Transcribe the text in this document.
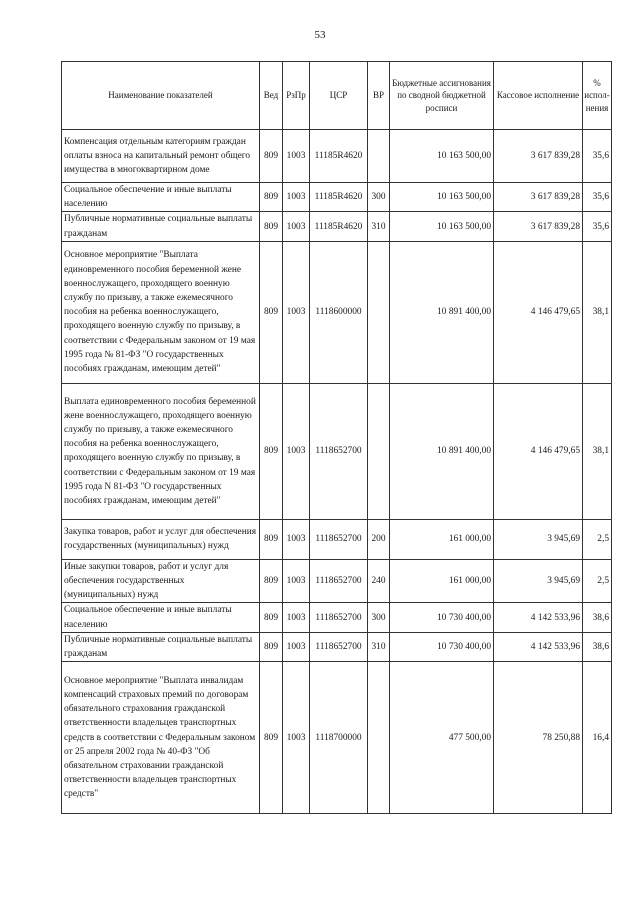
53
Наименование показателей	Вед	РзПр	ЦСР	ВР	Бюджетные ассигнования по сводной бюджетной росписи	Кассовое исполнение	% испол-нения
Компенсация отдельным категориям граждан оплаты взноса на капитальный ремонт общего имущества в многоквартирном доме	809	1003	11185R4620		10 163 500,00	3 617 839,28	35,6
Социальное обеспечение и иные выплаты населению	809	1003	11185R4620	300	10 163 500,00	3 617 839,28	35,6
Публичные нормативные социальные выплаты гражданам	809	1003	11185R4620	310	10 163 500,00	3 617 839,28	35,6
Основное мероприятие "Выплата единовременного пособия беременной жене военнослужащего, проходящего военную службу по призыву, а также ежемесячного пособия на ребенка военнослужащего, проходящего военную службу по призыву, в соответствии с Федеральным законом от 19 мая 1995 года № 81-ФЗ "О государственных пособиях гражданам, имеющим детей"	809	1003	1118600000		10 891 400,00	4 146 479,65	38,1
Выплата единовременного пособия беременной жене военнослужащего, проходящего военную службу по призыву, а также ежемесячного пособия на ребенка военнослужащего, проходящего военную службу по призыву, в соответствии с Федеральным законом от 19 мая 1995 года N 81-ФЗ "О государственных пособиях гражданам, имеющим детей"	809	1003	1118652700		10 891 400,00	4 146 479,65	38,1
Закупка товаров, работ и услуг для обеспечения государственных (муниципальных) нужд	809	1003	1118652700	200	161 000,00	3 945,69	2,5
Иные закупки товаров, работ и услуг для обеспечения государственных (муниципальных) нужд	809	1003	1118652700	240	161 000,00	3 945,69	2,5
Социальное обеспечение и иные выплаты населению	809	1003	1118652700	300	10 730 400,00	4 142 533,96	38,6
Публичные нормативные социальные выплаты гражданам	809	1003	1118652700	310	10 730 400,00	4 142 533,96	38,6
Основное мероприятие "Выплата инвалидам компенсаций страховых премий по договорам обязательного страхования гражданской ответственности владельцев транспортных средств в соответствии с Федеральным законом от 25 апреля 2002 года № 40-ФЗ "Об обязательном страховании гражданской ответственности владельцев транспортных средств"	809	1003	1118700000		477 500,00	78 250,88	16,4
